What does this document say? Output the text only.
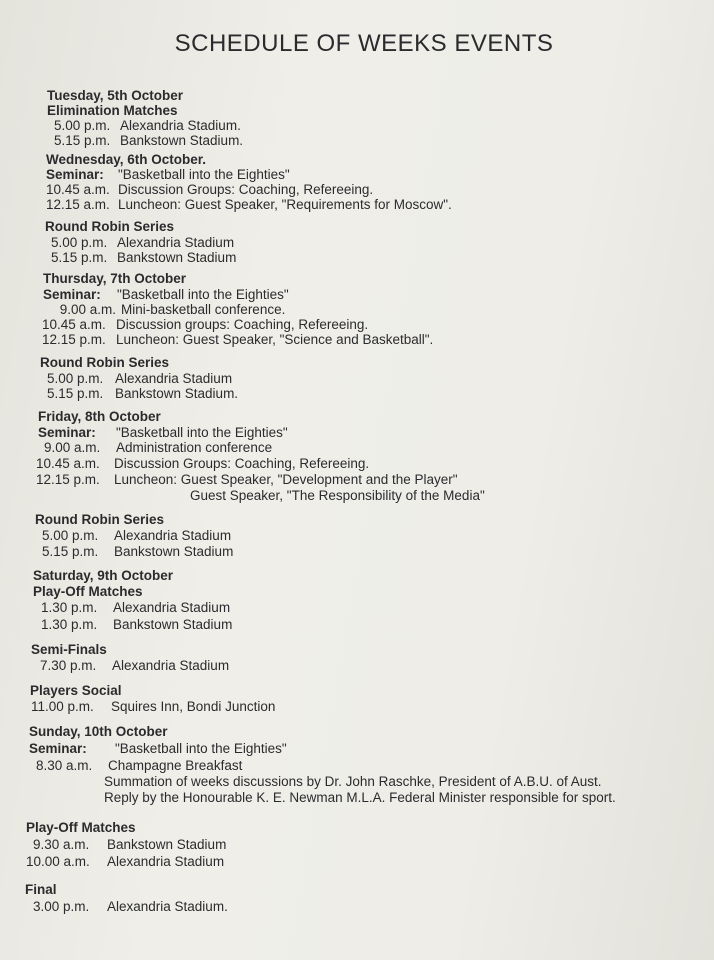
SCHEDULE OF WEEKS EVENTS
Tuesday, 5th October
Elimination Matches
5.00 p.m. Alexandria Stadium.
5.15 p.m. Bankstown Stadium.
Wednesday, 6th October.
Seminar: "Basketball into the Eighties"
10.45 a.m. Discussion Groups: Coaching, Refereeing.
12.15 a.m. Luncheon: Guest Speaker, "Requirements for Moscow".
Round Robin Series
5.00 p.m. Alexandria Stadium
5.15 p.m. Bankstown Stadium
Thursday, 7th October
Seminar: "Basketball into the Eighties"
9.00 a.m. Mini-basketball conference.
10.45 a.m. Discussion groups: Coaching, Refereeing.
12.15 p.m. Luncheon: Guest Speaker, "Science and Basketball".
Round Robin Series
5.00 p.m. Alexandria Stadium
5.15 p.m. Bankstown Stadium.
Friday, 8th October
Seminar: "Basketball into the Eighties"
9.00 a.m. Administration conference
10.45 a.m. Discussion Groups: Coaching, Refereeing.
12.15 p.m. Luncheon: Guest Speaker, "Development and the Player"
Guest Speaker, "The Responsibility of the Media"
Round Robin Series
5.00 p.m. Alexandria Stadium
5.15 p.m. Bankstown Stadium
Saturday, 9th October
Play-Off Matches
1.30 p.m. Alexandria Stadium
1.30 p.m. Bankstown Stadium
Semi-Finals
7.30 p.m. Alexandria Stadium
Players Social
11.00 p.m. Squires Inn, Bondi Junction
Sunday, 10th October
Seminar: "Basketball into the Eighties"
8.30 a.m. Champagne Breakfast
Summation of weeks discussions by Dr. John Raschke, President of A.B.U. of Aust.
Reply by the Honourable K. E. Newman M.L.A. Federal Minister responsible for sport.
Play-Off Matches
9.30 a.m. Bankstown Stadium
10.00 a.m. Alexandria Stadium
Final
3.00 p.m. Alexandria Stadium.
